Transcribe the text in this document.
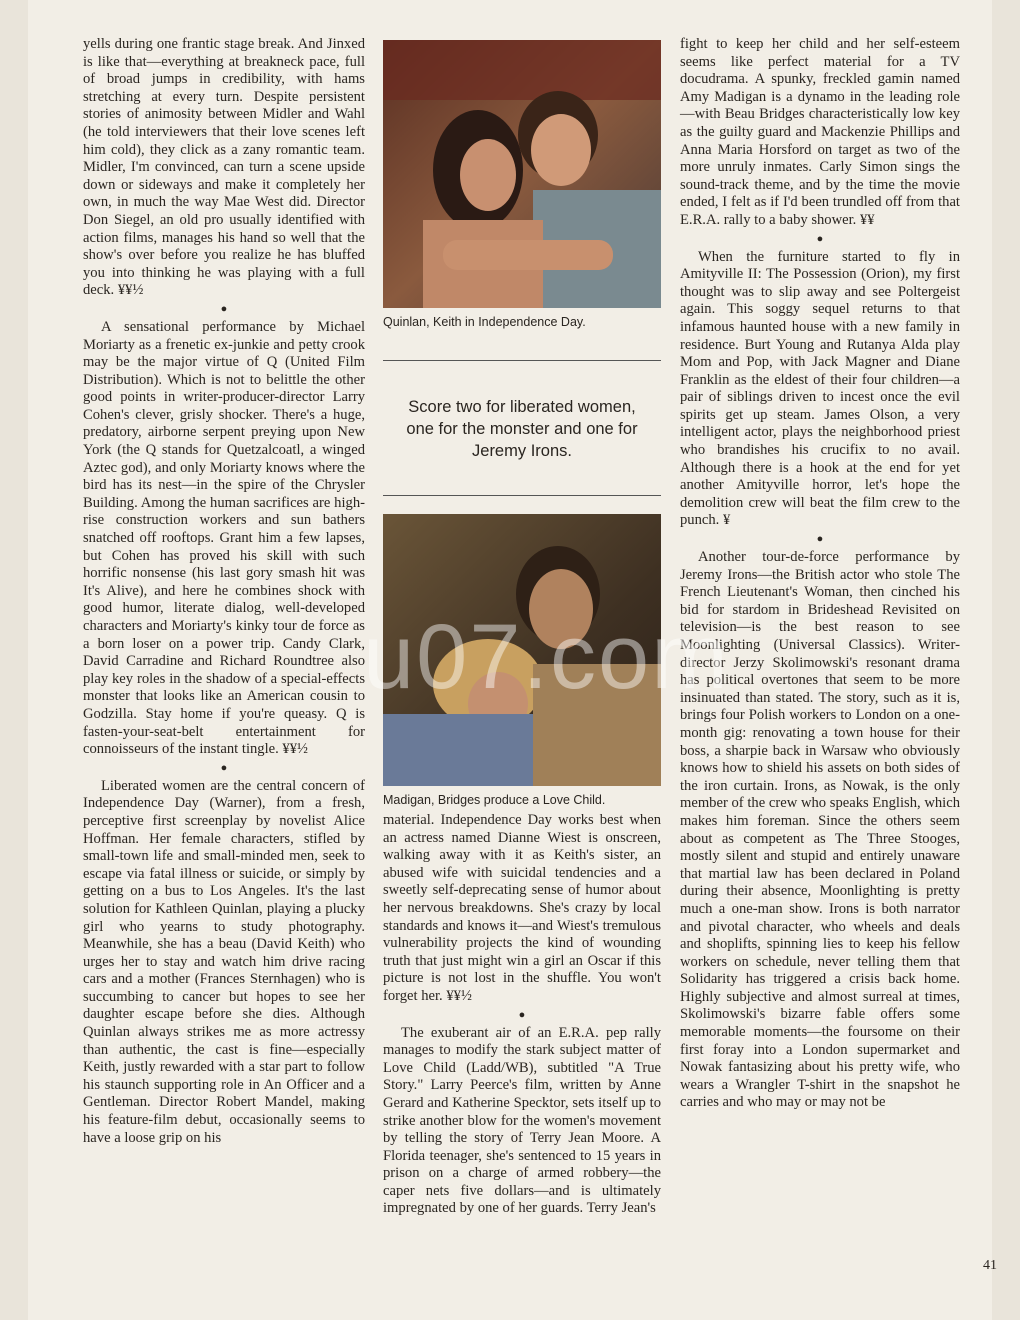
yells during one frantic stage break. And Jinxed is like that—everything at breakneck pace, full of broad jumps in credibility, with hams stretching at every turn. Despite persistent stories of animosity between Midler and Wahl (he told interviewers that their love scenes left him cold), they click as a zany romantic team. Midler, I'm convinced, can turn a scene upside down or sideways and make it completely her own, in much the way Mae West did. Director Don Siegel, an old pro usually identified with action films, manages his hand so well that the show's over before you realize he has bluffed you into thinking he was playing with a full deck. ¥¥½

●

A sensational performance by Michael Moriarty as a frenetic ex-junkie and petty crook may be the major virtue of Q (United Film Distribution). Which is not to belittle the other good points in writer-producer-director Larry Cohen's clever, grisly shocker. There's a huge, predatory, airborne serpent preying upon New York (the Q stands for Quetzalcoatl, a winged Aztec god), and only Moriarty knows where the bird has its nest—in the spire of the Chrysler Building. Among the human sacrifices are high-rise construction workers and sun bathers snatched off rooftops. Grant him a few lapses, but Cohen has proved his skill with such horrific nonsense (his last gory smash hit was It's Alive), and here he combines shock with good humor, literate dialog, well-developed characters and Moriarty's kinky tour de force as a born loser on a power trip. Candy Clark, David Carradine and Richard Roundtree also play key roles in the shadow of a special-effects monster that looks like an American cousin to Godzilla. Stay home if you're queasy. Q is fasten-your-seat-belt entertainment for connoisseurs of the instant tingle. ¥¥½

●

Liberated women are the central concern of Independence Day (Warner), from a fresh, perceptive first screenplay by novelist Alice Hoffman. Her female characters, stifled by small-town life and small-minded men, seek to escape via fatal illness or suicide, or simply by getting on a bus to Los Angeles. It's the last solution for Kathleen Quinlan, playing a plucky girl who yearns to study photography. Meanwhile, she has a beau (David Keith) who urges her to stay and watch him drive racing cars and a mother (Frances Sternhagen) who is succumbing to cancer but hopes to see her daughter escape before she dies. Although Quinlan always strikes me as more actressy than authentic, the cast is fine—especially Keith, justly rewarded with a star part to follow his staunch supporting role in An Officer and a Gentleman. Director Robert Mandel, making his feature-film debut, occasionally seems to have a loose grip on his

Quinlan, Keith in Independence Day.
Score two for liberated women, one for the monster and one for Jeremy Irons.
Madigan, Bridges produce a Love Child.

material. Independence Day works best when an actress named Dianne Wiest is onscreen, walking away with it as Keith's sister, an abused wife with suicidal tendencies and a sweetly self-deprecating sense of humor about her nervous breakdowns. She's crazy by local standards and knows it—and Wiest's tremulous vulnerability projects the kind of wounding truth that just might win a girl an Oscar if this picture is not lost in the shuffle. You won't forget her. ¥¥½

●

The exuberant air of an E.R.A. pep rally manages to modify the stark subject matter of Love Child (Ladd/WB), subtitled "A True Story." Larry Peerce's film, written by Anne Gerard and Katherine Specktor, sets itself up to strike another blow for the women's movement by telling the story of Terry Jean Moore. A Florida teenager, she's sentenced to 15 years in prison on a charge of armed robbery—the caper nets five dollars—and is ultimately impregnated by one of her guards. Terry Jean's

fight to keep her child and her self-esteem seems like perfect material for a TV docudrama. A spunky, freckled gamin named Amy Madigan is a dynamo in the leading role—with Beau Bridges characteristically low key as the guilty guard and Mackenzie Phillips and Anna Maria Horsford on target as two of the more unruly inmates. Carly Simon sings the sound-track theme, and by the time the movie ended, I felt as if I'd been trundled off from that E.R.A. rally to a baby shower. ¥¥

●

When the furniture started to fly in Amityville II: The Possession (Orion), my first thought was to slip away and see Poltergeist again. This soggy sequel returns to that infamous haunted house with a new family in residence. Burt Young and Rutanya Alda play Mom and Pop, with Jack Magner and Diane Franklin as the eldest of their four children—a pair of siblings driven to incest once the evil spirits get up steam. James Olson, a very intelligent actor, plays the neighborhood priest who brandishes his crucifix to no avail. Although there is a hook at the end for yet another Amityville horror, let's hope the demolition crew will beat the film crew to the punch. ¥

●

Another tour-de-force performance by Jeremy Irons—the British actor who stole The French Lieutenant's Woman, then cinched his bid for stardom in Brideshead Revisited on television—is the best reason to see Moonlighting (Universal Classics). Writer-director Jerzy Skolimowski's resonant drama has political overtones that seem to be more insinuated than stated. The story, such as it is, brings four Polish workers to London on a one-month gig: renovating a town house for their boss, a sharpie back in Warsaw who obviously knows how to shield his assets on both sides of the iron curtain. Irons, as Nowak, is the only member of the crew who speaks English, which makes him foreman. Since the others seem about as competent as The Three Stooges, mostly silent and stupid and entirely unaware that martial law has been declared in Poland during their absence, Moonlighting is pretty much a one-man show. Irons is both narrator and pivotal character, who wheels and deals and shoplifts, spinning lies to keep his fellow workers on schedule, never telling them that Solidarity has triggered a crisis back home. Highly subjective and almost surreal at times, Skolimowski's bizarre fable offers some memorable moments—the foursome on their first foray into a London supermarket and Nowak fantasizing about his pretty wife, who wears a Wrangler T-shirt in the snapshot he carries and who may or may not be

u07.com
41
